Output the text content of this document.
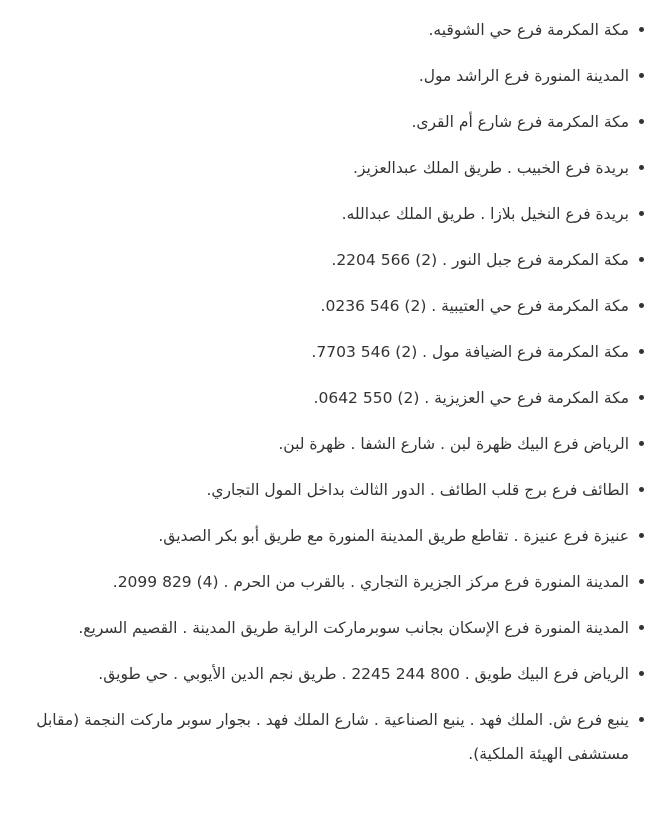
مكة المكرمة فرع حي الشوقيه.
المدينة المنورة فرع الراشد مول.
مكة المكرمة فرع شارع أم القرى.
بريدة فرع الخبيب . طريق الملك عبدالعزيز.
بريدة فرع النخيل بلازا . طريق الملك عبدالله.
مكة المكرمة فرع جبل النور . (2) 566 2204.
مكة المكرمة فرع حي العتيبية . (2) 546 0236.
مكة المكرمة فرع الضيافة مول . (2) 546 7703.
مكة المكرمة فرع حي العزيزية . (2) 550 0642.
الرياض فرع البيك ظهرة لبن . شارع الشفا . ظهرة لبن.
الطائف فرع برج قلب الطائف . الدور الثالث بداخل المول التجاري.
عنيزة فرع عنيزة . تقاطع طريق المدينة المنورة مع طريق أبو بكر الصديق.
المدينة المنورة فرع مركز الجزيرة التجاري . بالقرب من الحرم . (4) 829 2099.
المدينة المنورة فرع الإسكان بجانب سوبرماركت الراية طريق المدينة . القصيم السريع.
الرياض فرع البيك طويق . 800 244 2245 . طريق نجم الدين الأيوبي . حي طويق.
ينبع فرع ش. الملك فهد . ينبع الصناعية . شارع الملك فهد . بجوار سوبر ماركت النجمة (مقابل مستشفى الهيئة الملكية).
